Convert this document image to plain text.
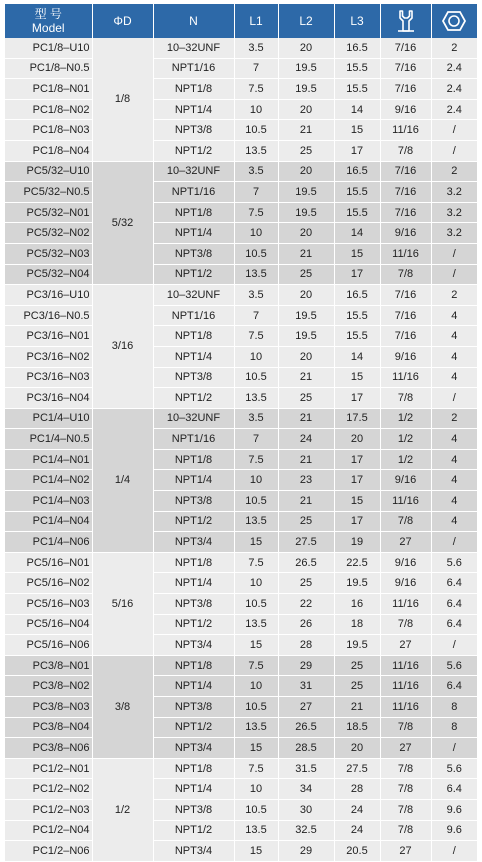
型 号
Model	ΦD	N	L1	L2	L3	

PC1/8–U10	1/8	10–32UNF	3.5	20	16.5	7/16	2
PC1/8–N0.5		NPT1/16	7	19.5	15.5	7/16	2.4
PC1/8–N01		NPT1/8	7.5	19.5	15.5	7/16	2.4
PC1/8–N02		NPT1/4	10	20	14	9/16	2.4
PC1/8–N03		NPT3/8	10.5	21	15	11/16	/
PC1/8–N04		NPT1/2	13.5	25	17	7/8	/
PC5/32–U10	5/32	10–32UNF	3.5	20	16.5	7/16	2
PC5/32–N0.5		NPT1/16	7	19.5	15.5	7/16	3.2
PC5/32–N01		NPT1/8	7.5	19.5	15.5	7/16	3.2
PC5/32–N02		NPT1/4	10	20	14	9/16	3.2
PC5/32–N03		NPT3/8	10.5	21	15	11/16	/
PC5/32–N04		NPT1/2	13.5	25	17	7/8	/
PC3/16–U10	3/16	10–32UNF	3.5	20	16.5	7/16	2
PC3/16–N0.5		NPT1/16	7	19.5	15.5	7/16	4
PC3/16–N01		NPT1/8	7.5	19.5	15.5	7/16	4
PC3/16–N02		NPT1/4	10	20	14	9/16	4
PC3/16–N03		NPT3/8	10.5	21	15	11/16	4
PC3/16–N04		NPT1/2	13.5	25	17	7/8	/
PC1/4–U10	1/4	10–32UNF	3.5	21	17.5	1/2	2
PC1/4–N0.5		NPT1/16	7	24	20	1/2	4
PC1/4–N01		NPT1/8	7.5	21	17	1/2	4
PC1/4–N02		NPT1/4	10	23	17	9/16	4
PC1/4–N03		NPT3/8	10.5	21	15	11/16	4
PC1/4–N04		NPT1/2	13.5	25	17	7/8	4
PC1/4–N06		NPT3/4	15	27.5	19	27	/
PC5/16–N01	5/16	NPT1/8	7.5	26.5	22.5	9/16	5.6
PC5/16–N02		NPT1/4	10	25	19.5	9/16	6.4
PC5/16–N03		NPT3/8	10.5	22	16	11/16	6.4
PC5/16–N04		NPT1/2	13.5	26	18	7/8	6.4
PC5/16–N06		NPT3/4	15	28	19.5	27	/
PC3/8–N01	3/8	NPT1/8	7.5	29	25	11/16	5.6
PC3/8–N02		NPT1/4	10	31	25	11/16	6.4
PC3/8–N03		NPT3/8	10.5	27	21	11/16	8
PC3/8–N04		NPT1/2	13.5	26.5	18.5	7/8	8
PC3/8–N06		NPT3/4	15	28.5	20	27	/
PC1/2–N01	1/2	NPT1/8	7.5	31.5	27.5	7/8	5.6
PC1/2–N02		NPT1/4	10	34	28	7/8	6.4
PC1/2–N03		NPT3/8	10.5	30	24	7/8	9.6
PC1/2–N04		NPT1/2	13.5	32.5	24	7/8	9.6
PC1/2–N06		NPT3/4	15	29	20.5	27	/
